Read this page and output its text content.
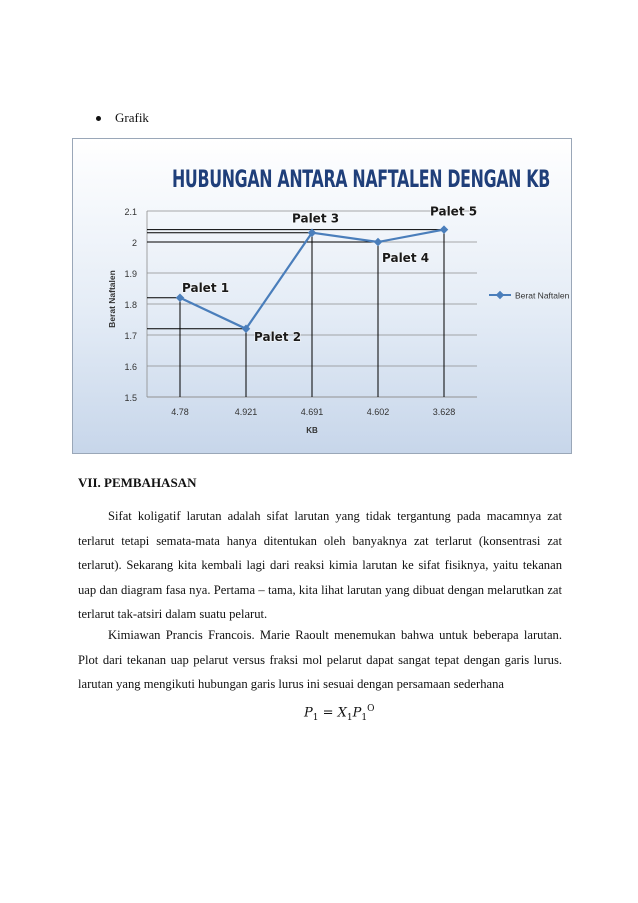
Grafik
HUBUNGAN ANTARA NAFTALEN DENGAN KB
1.5
1.6
1.7
1.8
1.9
2
2.1
4.78	4.921	4.691	4.602	3.628
KB
Berat Naftalen	Palet 1
Palet 2
Palet 3
Palet 4
Palet 5
Berat Naftalen
VII. PEMBAHASAN

Sifat koligatif larutan adalah sifat larutan yang tidak tergantung pada macamnya zat terlarut tetapi semata-mata hanya ditentukan oleh banyaknya zat terlarut (konsentrasi zat terlarut). Sekarang kita kembali lagi dari reaksi kimia larutan ke sifat fisiknya, yaitu tekanan uap dan diagram fasa nya. Pertama – tama, kita lihat larutan yang dibuat dengan melarutkan zat terlarut tak-atsiri dalam suatu pelarut.

Kimiawan Prancis Francois. Marie Raoult menemukan bahwa untuk beberapa larutan. Plot dari tekanan uap pelarut versus fraksi mol pelarut dapat sangat tepat dengan garis lurus. larutan yang mengikuti hubungan garis lurus ini sesuai dengan persamaan sederhana

$P_1 = X_1P_1^O$
